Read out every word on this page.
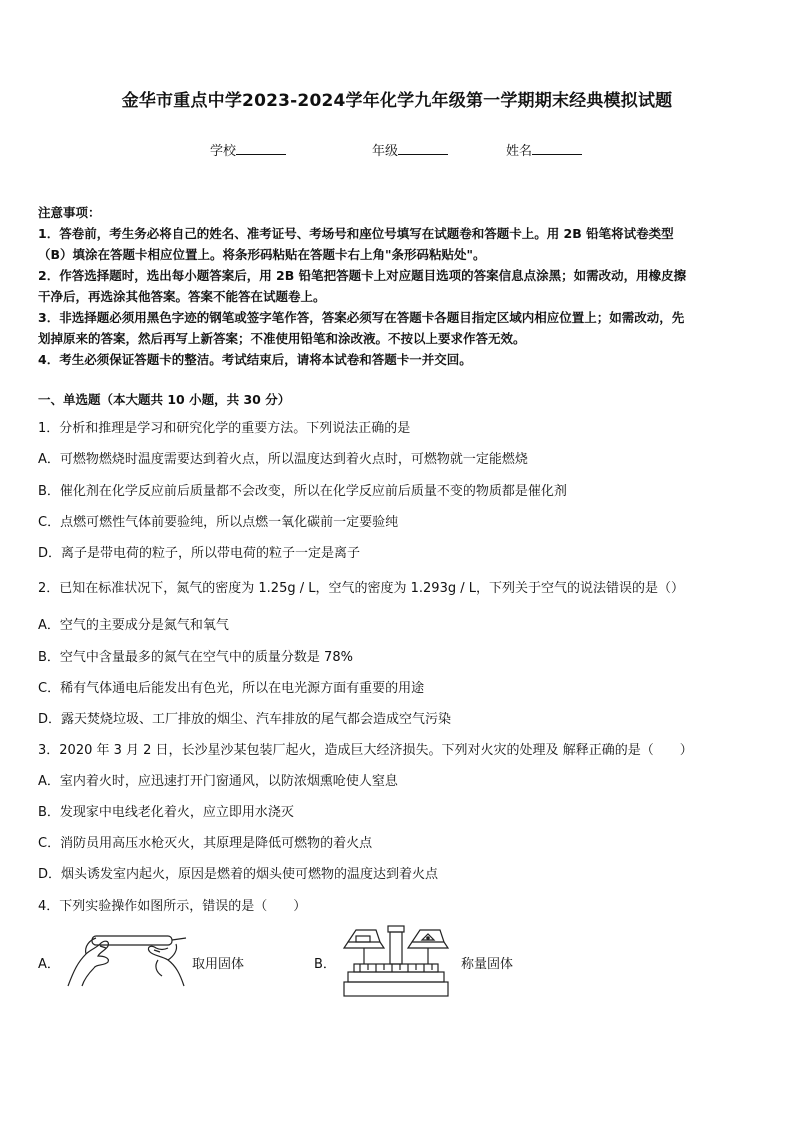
金华市重点中学2023-2024学年化学九年级第一学期期末经典模拟试题
学校	年级	姓名
注意事项：
1．答卷前，考生务必将自己的姓名、准考证号、考场号和座位号填写在试题卷和答题卡上。用 2B 铅笔将试卷类型
（B）填涂在答题卡相应位置上。将条形码粘贴在答题卡右上角"条形码粘贴处"。
2．作答选择题时，选出每小题答案后，用 2B 铅笔把答题卡上对应题目选项的答案信息点涂黑；如需改动，用橡皮擦
干净后，再选涂其他答案。答案不能答在试题卷上。
3．非选择题必须用黑色字迹的钢笔或签字笔作答，答案必须写在答题卡各题目指定区域内相应位置上；如需改动，先
划掉原来的答案，然后再写上新答案；不准使用铅笔和涂改液。不按以上要求作答无效。
4．考生必须保证答题卡的整洁。考试结束后，请将本试卷和答题卡一并交回。
一、单选题（本大题共 10 小题，共 30 分）
1．分析和推理是学习和研究化学的重要方法。下列说法正确的是
A．可燃物燃烧时温度需要达到着火点，所以温度达到着火点时，可燃物就一定能燃烧
B．催化剂在化学反应前后质量都不会改变，所以在化学反应前后质量不变的物质都是催化剂
C．点燃可燃性气体前要验纯，所以点燃一氧化碳前一定要验纯
D．离子是带电荷的粒子，所以带电荷的粒子一定是离子
2．已知在标准状况下，氮气的密度为 1.25g / L，空气的密度为 1.293g / L，下列关于空气的说法错误的是（）
A．空气的主要成分是氮气和氧气
B．空气中含量最多的氮气在空气中的质量分数是 78%
C．稀有气体通电后能发出有色光，所以在电光源方面有重要的用途
D．露天焚烧垃圾、工厂排放的烟尘、汽车排放的尾气都会造成空气污染
3．2020 年 3 月 2 日，长沙星沙某包装厂起火，造成巨大经济损失。下列对火灾的处理及 解释正确的是（　　）
A．室内着火时，应迅速打开门窗通风，以防浓烟熏呛使人窒息
B．发现家中电线老化着火，应立即用水浇灭
C．消防员用高压水枪灭火，其原理是降低可燃物的着火点
D．烟头诱发室内起火，原因是燃着的烟头使可燃物的温度达到着火点
4．下列实验操作如图所示，错误的是（　　）
A．	取用固体	B．	称量固体
